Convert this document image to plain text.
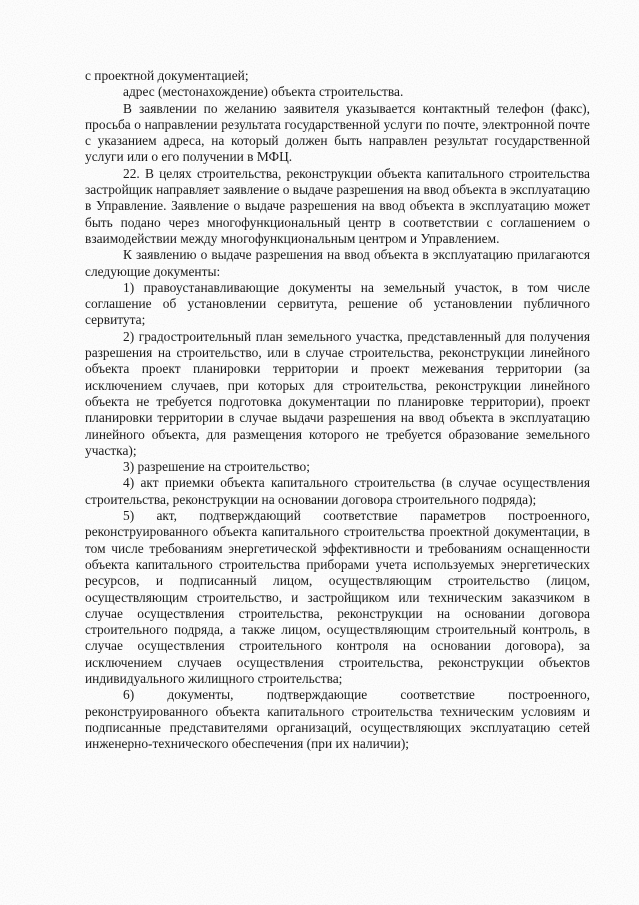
с проектной документацией;

адрес (местонахождение) объекта строительства.

В заявлении по желанию заявителя указывается контактный телефон (факс), просьба о направлении результата государственной услуги по почте, электронной почте с указанием адреса, на который должен быть направлен результат государственной услуги или о его получении в МФЦ.

22. В целях строительства, реконструкции объекта капитального строительства застройщик направляет заявление о выдаче разрешения на ввод объекта в эксплуатацию в Управление. Заявление о выдаче разрешения на ввод объекта в эксплуатацию может быть подано через многофункциональный центр в соответствии с соглашением о взаимодействии между многофункциональным центром и Управлением.

К заявлению о выдаче разрешения на ввод объекта в эксплуатацию прилагаются следующие документы:

1) правоустанавливающие документы на земельный участок, в том числе соглашение об установлении сервитута, решение об установлении публичного сервитута;

2) градостроительный план земельного участка, представленный для получения разрешения на строительство, или в случае строительства, реконструкции линейного объекта проект планировки территории и проект межевания территории (за исключением случаев, при которых для строительства, реконструкции линейного объекта не требуется подготовка документации по планировке территории), проект планировки территории в случае выдачи разрешения на ввод объекта в эксплуатацию линейного объекта, для размещения которого не требуется образование земельного участка);

3) разрешение на строительство;

4) акт приемки объекта капитального строительства (в случае осуществления строительства, реконструкции на основании договора строительного подряда);

5) акт, подтверждающий соответствие параметров построенного, реконструированного объекта капитального строительства проектной документации, в том числе требованиям энергетической эффективности и требованиям оснащенности объекта капитального строительства приборами учета используемых энергетических ресурсов, и подписанный лицом, осуществляющим строительство (лицом, осуществляющим строительство, и застройщиком или техническим заказчиком в случае осуществления строительства, реконструкции на основании договора строительного подряда, а также лицом, осуществляющим строительный контроль, в случае осуществления строительного контроля на основании договора), за исключением случаев осуществления строительства, реконструкции объектов индивидуального жилищного строительства;

6) документы, подтверждающие соответствие построенного, реконструированного объекта капитального строительства техническим условиям и подписанные представителями организаций, осуществляющих эксплуатацию сетей инженерно-технического обеспечения (при их наличии);
